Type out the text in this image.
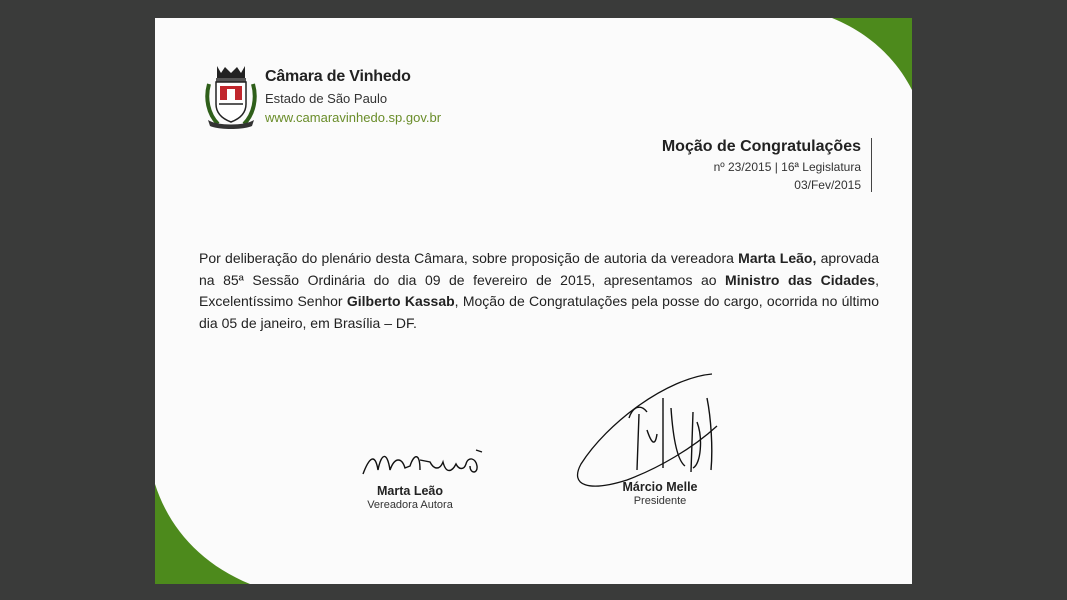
Câmara de Vinhedo
Estado de São Paulo
www.camaravinhedo.sp.gov.br
Moção de Congratulações
nº 23/2015 | 16ª Legislatura
03/Fev/2015
Por deliberação do plenário desta Câmara, sobre proposição de autoria da vereadora Marta Leão, aprovada na 85ª Sessão Ordinária do dia 09 de fevereiro de 2015, apresentamos ao Ministro das Cidades, Excelentíssimo Senhor Gilberto Kassab, Moção de Congratulações pela posse do cargo, ocorrida no último dia 05 de janeiro, em Brasília – DF.
Marta Leão
Vereadora Autora
Márcio Melle
Presidente
